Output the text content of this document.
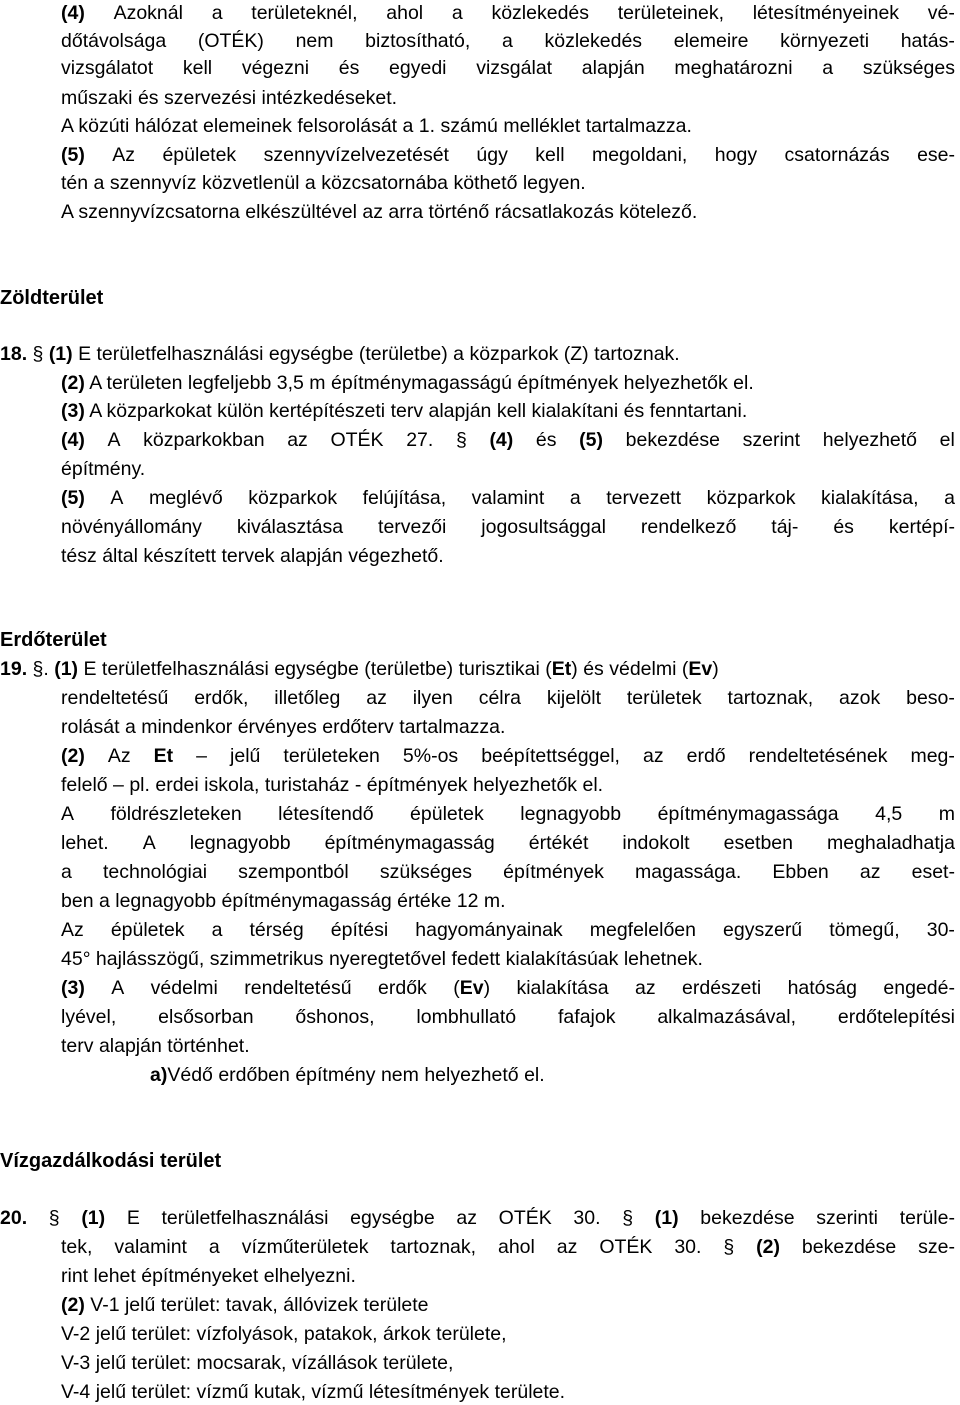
(4) Azoknál a területeknél, ahol a közlekedés területeinek, létesítményeinek vé-
dőtávolsága (OTÉK) nem biztosítható, a közlekedés elemeire környezeti hatás-
vizsgálatot kell végezni és egyedi vizsgálat alapján meghatározni a szükséges
műszaki és szervezési intézkedéseket.
A közúti hálózat elemeinek felsorolását a 1. számú melléklet tartalmazza.
(5) Az épületek szennyvízelvezetését úgy kell megoldani, hogy csatornázás ese-
tén a szennyvíz közvetlenül a közcsatornába köthető legyen.
A szennyvízcsatorna elkészültével az arra történő rácsatlakozás kötelező.
Zöldterület
18. § (1) E területfelhasználási egységbe (területbe) a közparkok (Z) tartoznak.
(2) A területen legfeljebb 3,5 m építménymagasságú építmények helyezhetők el.
(3) A közparkokat külön kertépítészeti terv alapján kell kialakítani és fenntartani.
(4) A közparkokban az OTÉK 27. § (4) és (5) bekezdése szerint helyezhető el
építmény.
(5) A meglévő közparkok felújítása, valamint a tervezett közparkok kialakítása, a
növényállomány kiválasztása tervezői jogosultsággal rendelkező táj- és kertépí-
tész által készített tervek alapján végezhető.
Erdőterület
19. §. (1) E területfelhasználási egységbe (területbe) turisztikai (Et) és védelmi (Ev)
rendeltetésű erdők, illetőleg az ilyen célra kijelölt területek tartoznak, azok beso-
rolását a mindenkor érvényes erdőterv tartalmazza.
(2) Az Et – jelű területeken 5%-os beépítettséggel, az erdő rendeltetésének meg-
felelő – pl. erdei iskola, turistaház - építmények helyezhetők el.
A földrészleteken létesítendő épületek legnagyobb építménymagassága 4,5 m
lehet. A legnagyobb építménymagasság értékét indokolt esetben meghaladhatja
a technológiai szempontból szükséges építmények magassága. Ebben az eset-
ben a legnagyobb építménymagasság értéke 12 m.
Az épületek a térség építési hagyományainak megfelelően egyszerű tömegű, 30-
45° hajlásszögű, szimmetrikus nyeregtetővel fedett kialakításúak lehetnek.
(3) A védelmi rendeltetésű erdők (Ev) kialakítása az erdészeti hatóság engedé-
lyével, elsősorban őshonos, lombhullató fafajok alkalmazásával, erdőtelepítési
terv alapján történhet.
a)Védő erdőben építmény nem helyezhető el.
Vízgazdálkodási terület
20. § (1) E területfelhasználási egységbe az OTÉK 30. § (1) bekezdése szerinti terüle-
tek, valamint a vízműterületek tartoznak, ahol az OTÉK 30. § (2) bekezdése sze-
rint lehet építményeket elhelyezni.
(2) V-1 jelű terület: tavak, állóvizek területe
V-2 jelű terület: vízfolyások, patakok, árkok területe,
V-3 jelű terület: mocsarak, vízállások területe,
V-4 jelű terület: vízmű kutak, vízmű létesítmények területe.
